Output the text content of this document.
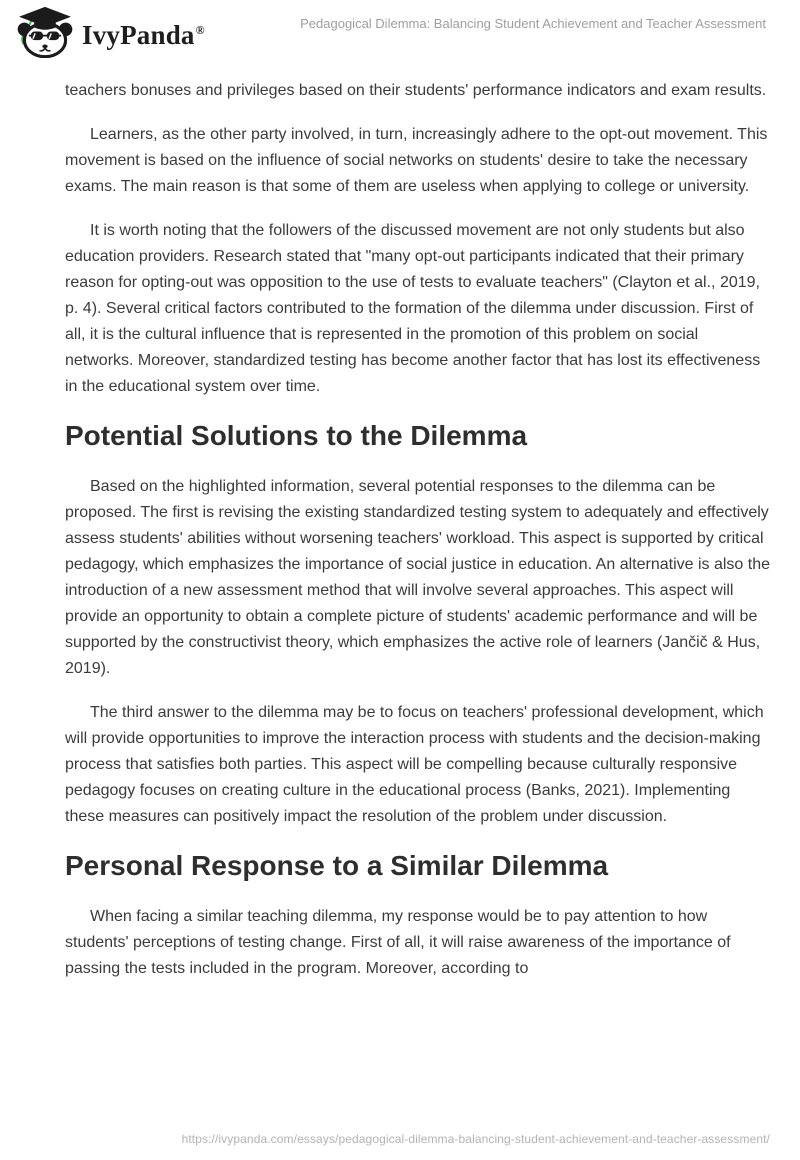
IvyPanda®	Pedagogical Dilemma: Balancing Student Achievement and Teacher Assessment

teachers bonuses and privileges based on their students' performance indicators and exam results.

Learners, as the other party involved, in turn, increasingly adhere to the opt-out movement. This movement is based on the influence of social networks on students' desire to take the necessary exams. The main reason is that some of them are useless when applying to college or university.

It is worth noting that the followers of the discussed movement are not only students but also education providers. Research stated that "many opt-out participants indicated that their primary reason for opting-out was opposition to the use of tests to evaluate teachers" (Clayton et al., 2019, p. 4). Several critical factors contributed to the formation of the dilemma under discussion. First of all, it is the cultural influence that is represented in the promotion of this problem on social networks. Moreover, standardized testing has become another factor that has lost its effectiveness in the educational system over time.

Potential Solutions to the Dilemma

Based on the highlighted information, several potential responses to the dilemma can be proposed. The first is revising the existing standardized testing system to adequately and effectively assess students' abilities without worsening teachers' workload. This aspect is supported by critical pedagogy, which emphasizes the importance of social justice in education. An alternative is also the introduction of a new assessment method that will involve several approaches. This aspect will provide an opportunity to obtain a complete picture of students' academic performance and will be supported by the constructivist theory, which emphasizes the active role of learners (Jančič & Hus, 2019).

The third answer to the dilemma may be to focus on teachers' professional development, which will provide opportunities to improve the interaction process with students and the decision-making process that satisfies both parties. This aspect will be compelling because culturally responsive pedagogy focuses on creating culture in the educational process (Banks, 2021). Implementing these measures can positively impact the resolution of the problem under discussion.

Personal Response to a Similar Dilemma

When facing a similar teaching dilemma, my response would be to pay attention to how students' perceptions of testing change. First of all, it will raise awareness of the importance of passing the tests included in the program. Moreover, according to

https://ivypanda.com/essays/pedagogical-dilemma-balancing-student-achievement-and-teacher-assessment/
